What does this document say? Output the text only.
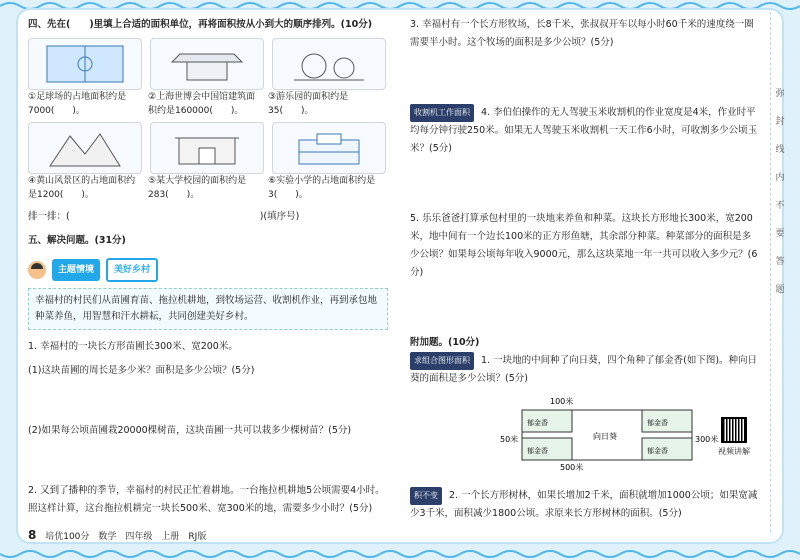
四、先在(　　)里填上合适的面积单位，再将面积按从小到大的顺序排列。(10分)
①足球场的占地面积约是7000(　　)。
②上海世博会中国馆建筑面积约是160000(　　)。
③游乐园的面积约是35(　　)。
④黄山风景区的占地面积约是1200(　　)。
⑤某大学校园的面积约是283(　　)。
⑥实验小学的占地面积约是3(　　)。
排一排：(　　　　　　　　　　　　　　　　　　　　)(填序号)
五、解决问题。(31分)
主题情境	美好乡村
幸福村的村民们从苗圃育苗、拖拉机耕地，到牧场运营、收割机作业，再到承包地种菜养鱼，用智慧和汗水耕耘，共同创建美好乡村。
1. 幸福村的一块长方形苗圃长300米、宽200米。
(1)这块苗圃的周长是多少米？面积是多少公顷？(5分)
(2)如果每公顷苗圃栽20000棵树苗，这块苗圃一共可以栽多少棵树苗？(5分)
2. 又到了播种的季节，幸福村的村民正忙着耕地。一台拖拉机耕地5公顷需要4小时。照这样计算，这台拖拉机耕完一块长500米、宽300米的地，需要多少小时？(5分)
3. 幸福村有一个长方形牧场，长8千米，张叔叔开车以每小时60千米的速度绕一圈需要半小时。这个牧场的面积是多少公顷？(5分)
收割机工作面积 4. 李伯伯操作的无人驾驶玉米收割机的作业宽度是4米，作业时平均每分钟行驶250米。如果无人驾驶玉米收割机一天工作6小时，可收割多少公顷玉米？(5分)
5. 乐乐爸爸打算承包村里的一块地来养鱼和种菜。这块长方形地长300米，宽200米，地中间有一个边长100米的正方形鱼塘，其余部分种菜。种菜部分的面积是多少公顷？如果每公顷每年收入9000元，那么这块菜地一年一共可以收入多少元？(6分)
附加题。(10分)
求组合图形面积 1. 一块地的中间种了向日葵，四个角种了郁金香(如下图)。种向日葵的面积是多少公顷？(5分)
100米
50米	300米
500米
郁金香	郁金香
郁金香	郁金香
向日葵
视频讲解
积不变 2. 一个长方形树林，如果长增加2千米，面积就增加1000公顷；如果宽减少3千米，面积减少1800公顷。求原来长方形树林的面积。(5分)
弥
封
线
内
不
要
答
题
8 培优100分　数学　四年级　上册　RJ版
